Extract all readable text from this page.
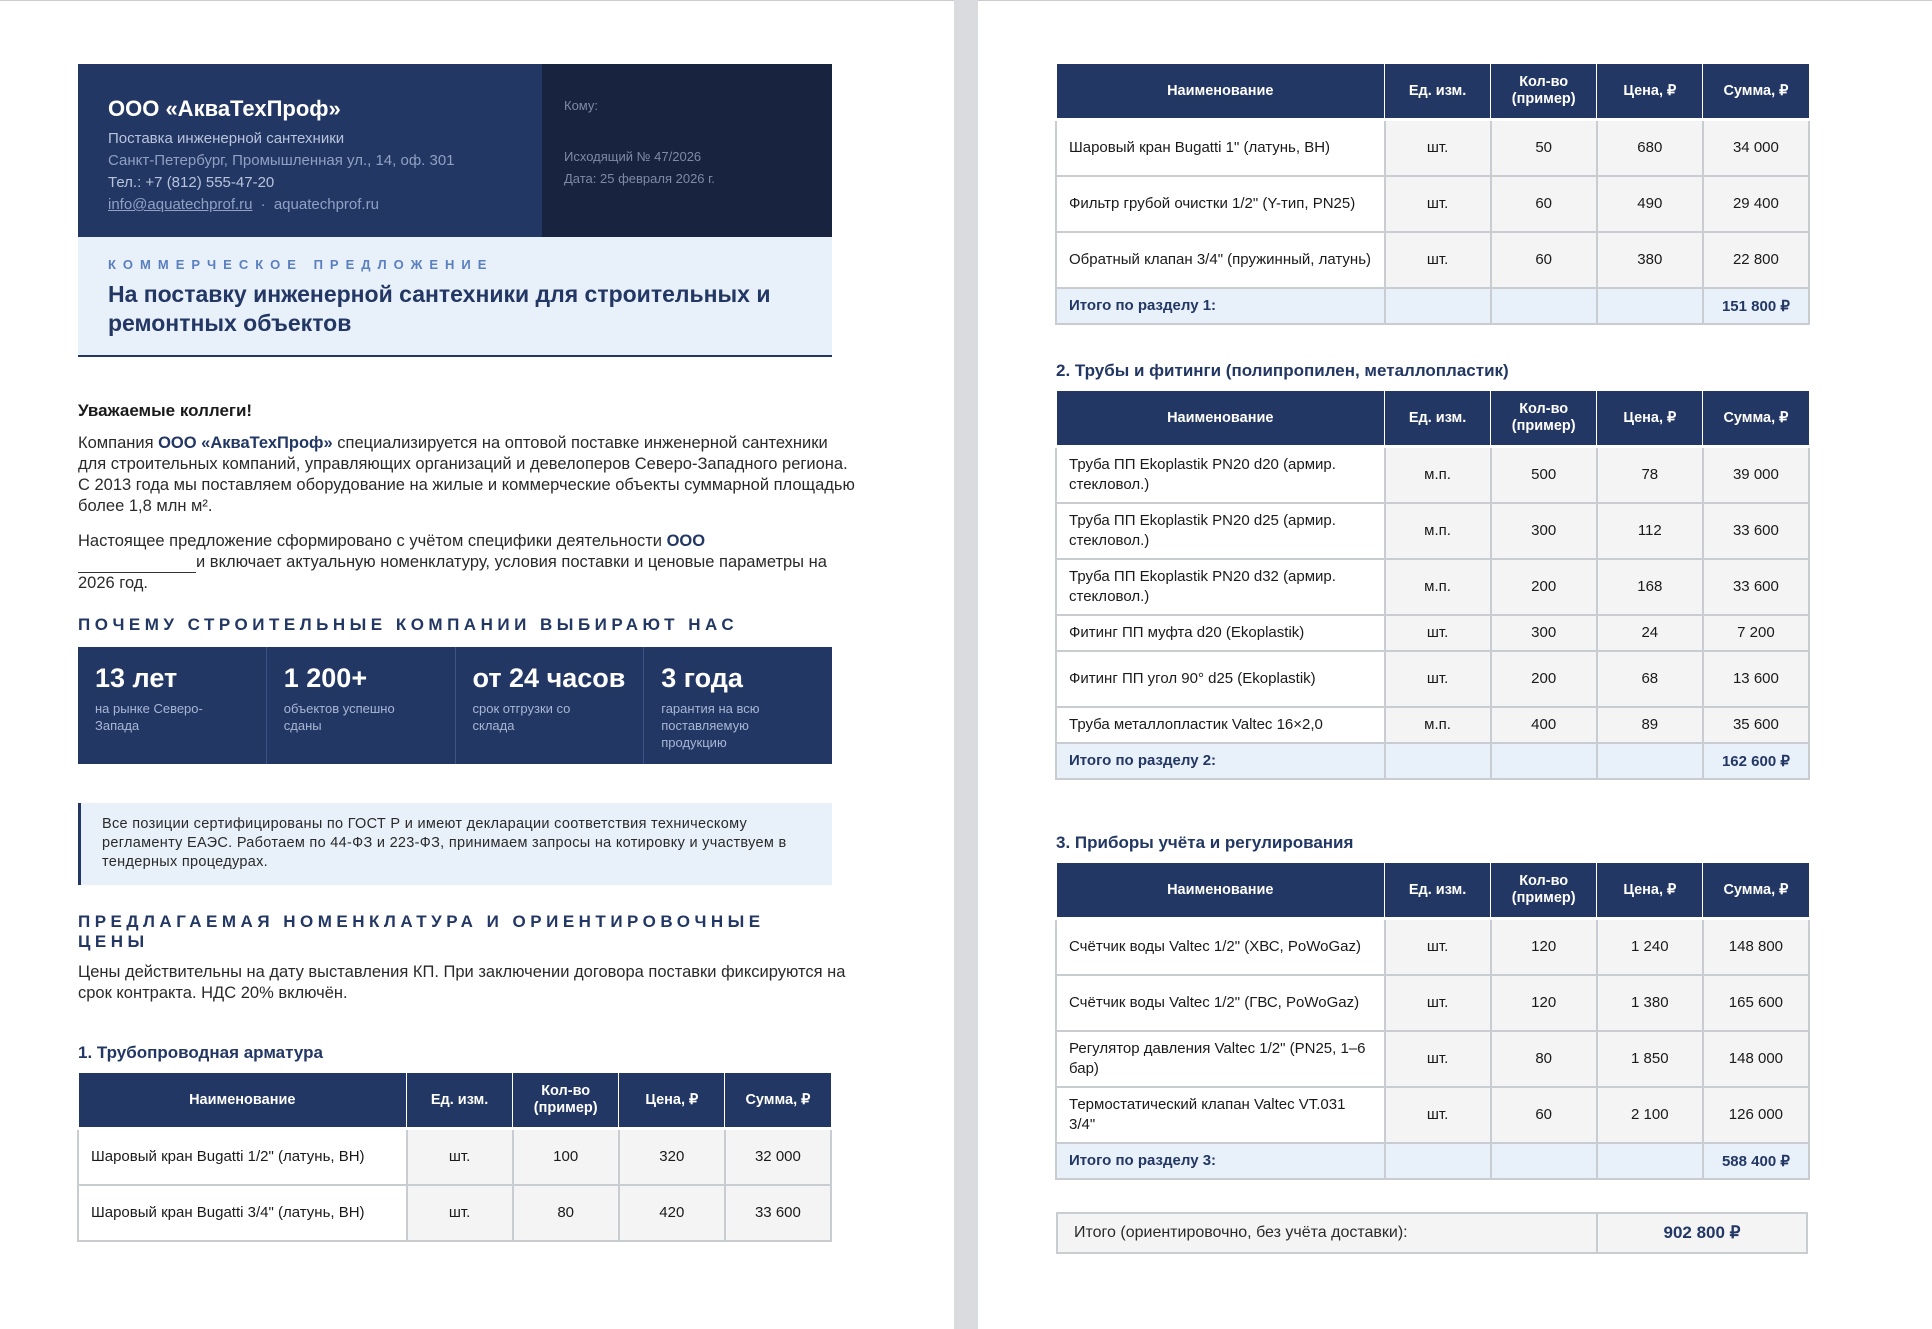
ООО «АкваТехПроф»
Поставка инженерной сантехники
Санкт-Петербург, Промышленная ул., 14, оф. 301
Тел.: +7 (812) 555-47-20
info@aquatechprof.ru · aquatechprof.ru
Кому:
Исходящий № 47/2026
Дата: 25 февраля 2026 г.
КОММЕРЧЕСКОЕ ПРЕДЛОЖЕНИЕ
На поставку инженерной сантехники для строительных и ремонтных объектов
Уважаемые коллеги!
Компания ООО «АкваТехПроф» специализируется на оптовой поставке инженерной сантехники для строительных компаний, управляющих организаций и девелоперов Северо-Западного региона. С 2013 года мы поставляем оборудование на жилые и коммерческие объекты суммарной площадью более 1,8 млн м².
Настоящее предложение сформировано с учётом специфики деятельности ООО
и включает актуальную номенклатуру, условия поставки и ценовые параметры на 2026 год.
ПОЧЕМУ СТРОИТЕЛЬНЫЕ КОМПАНИИ ВЫБИРАЮТ НАС
13 лет
на рынке Северо-Запада
1 200+
объектов успешно сданы
от 24 часов
срок отгрузки со склада
3 года
гарантия на всю поставляемую продукцию
Все позиции сертифицированы по ГОСТ Р и имеют декларации соответствия техническому регламенту ЕАЭС. Работаем по 44-ФЗ и 223-ФЗ, принимаем запросы на котировку и участвуем в тендерных процедурах.
ПРЕДЛАГАЕМАЯ НОМЕНКЛАТУРА И ОРИЕНТИРОВОЧНЫЕ ЦЕНЫ
Цены действительны на дату выставления КП. При заключении договора поставки фиксируются на срок контракта. НДС 20% включён.
1. Трубопроводная арматура
Наименование	Ед. изм.	Кол-во (пример)	Цена, ₽	Сумма, ₽
Шаровый кран Bugatti 1/2" (латунь, ВН)	шт.	100	320	32 000
Шаровый кран Bugatti 3/4" (латунь, ВН)	шт.	80	420	33 600
Наименование	Ед. изм.	Кол-во (пример)	Цена, ₽	Сумма, ₽
Шаровый кран Bugatti 1" (латунь, ВН)	шт.	50	680	34 000
Фильтр грубой очистки 1/2" (Y-тип, PN25)	шт.	60	490	29 400
Обратный клапан 3/4" (пружинный, латунь)	шт.	60	380	22 800
Итого по разделу 1:				151 800 ₽
2. Трубы и фитинги (полипропилен, металлопластик)
Наименование	Ед. изм.	Кол-во (пример)	Цена, ₽	Сумма, ₽
Труба ПП Ekoplastik PN20 d20 (армир. стекловол.)	м.п.	500	78	39 000
Труба ПП Ekoplastik PN20 d25 (армир. стекловол.)	м.п.	300	112	33 600
Труба ПП Ekoplastik PN20 d32 (армир. стекловол.)	м.п.	200	168	33 600
Фитинг ПП муфта d20 (Ekoplastik)	шт.	300	24	7 200
Фитинг ПП угол 90° d25 (Ekoplastik)	шт.	200	68	13 600
Труба металлопластик Valtec 16×2,0	м.п.	400	89	35 600
Итого по разделу 2:				162 600 ₽
3. Приборы учёта и регулирования
Наименование	Ед. изм.	Кол-во (пример)	Цена, ₽	Сумма, ₽
Счётчик воды Valtec 1/2" (ХВС, PoWoGaz)	шт.	120	1 240	148 800
Счётчик воды Valtec 1/2" (ГВС, PoWoGaz)	шт.	120	1 380	165 600
Регулятор давления Valtec 1/2" (PN25, 1–6 бар)	шт.	80	1 850	148 000
Термостатический клапан Valtec VT.031 3/4"	шт.	60	2 100	126 000
Итого по разделу 3:				588 400 ₽
Итого (ориентировочно, без учёта доставки):	902 800 ₽
